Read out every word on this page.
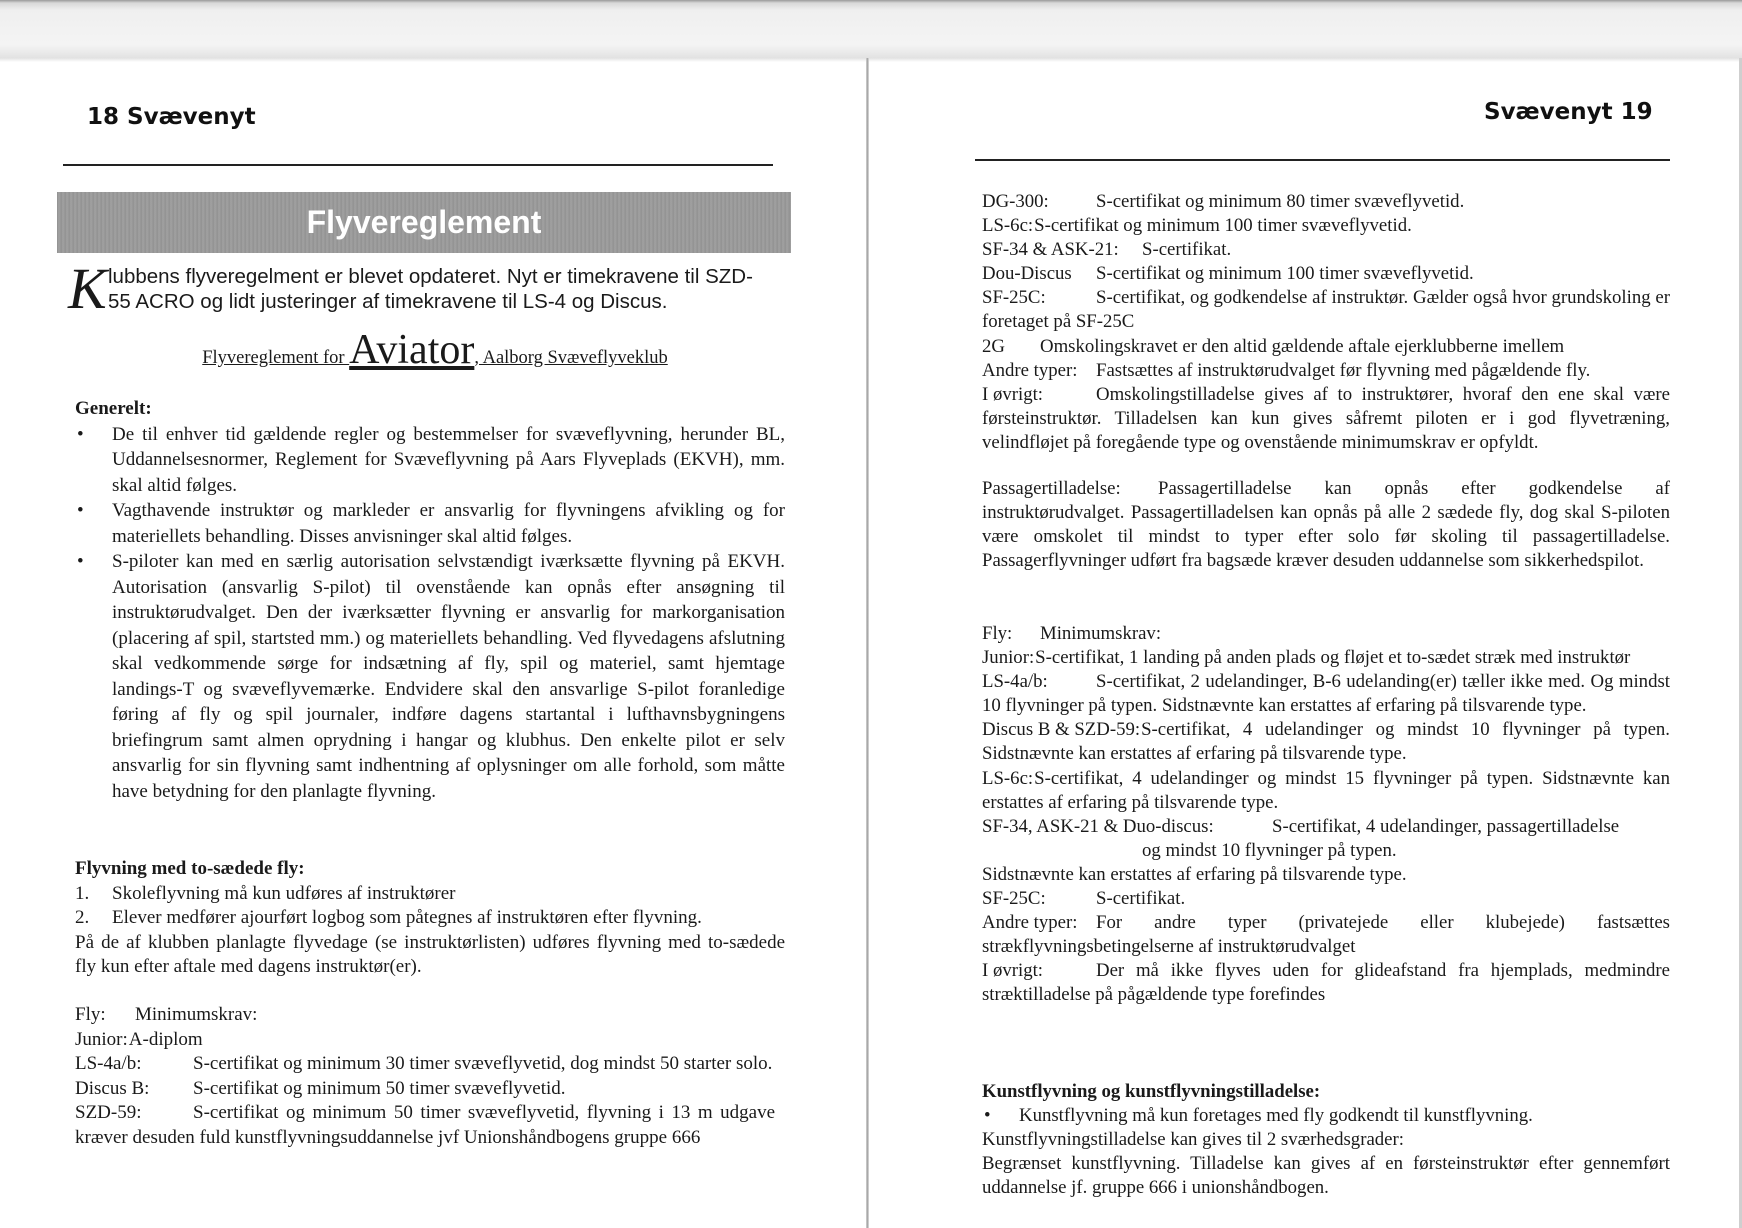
18 Svævenyt
Flyvereglement
K lubbens flyveregelment er blevet opdateret. Nyt er timekravene til SZD-55 ACRO og lidt justeringer af timekravene til LS-4 og Discus.

Flyvereglement for Aviator, Aalborg Svæveflyveklub

Generelt:

• De til enhver tid gældende regler og bestemmelser for svæveflyvning, herunder BL, Uddannelsesnormer, Reglement for Svæveflyvning på Aars Flyveplads (EKVH), mm. skal altid følges.
• Vagthavende instruktør og markleder er ansvarlig for flyvningens afvikling og for materiellets behandling. Disses anvisninger skal altid følges.
• S-piloter kan med en særlig autorisation selvstændigt iværksætte flyvning på EKVH. Autorisation (ansvarlig S-pilot) til ovenstående kan opnås efter ansøgning til instruktørudvalget. Den der iværksætter flyvning er ansvarlig for markorganisation (placering af spil, startsted mm.) og materiellets behandling. Ved flyvedagens afslutning skal vedkommende sørge for indsætning af fly, spil og materiel, samt hjemtage landings-T og svæveflyvemærke. Endvidere skal den ansvarlige S-pilot foranledige føring af fly og spil journaler, indføre dagens startantal i lufthavnsbygningens briefingrum samt almen oprydning i hangar og klubhus. Den enkelte pilot er selv ansvarlig for sin flyvning samt indhentning af oplysninger om alle forhold, som måtte have betydning for den planlagte flyvning.

Flyvning med to-sædede fly:

1. Skoleflyvning må kun udføres af instruktører

2. Elever medfører ajourført logbog som påtegnes af instruktøren efter flyvning.

På de af klubben planlagte flyvedage (se instruktørlisten) udføres flyvning med to-sædede fly kun efter aftale med dagens instruktør(er).

Fly: Minimumskrav:

Junior:A-diplom

LS-4a/b:	S-certifikat og minimum 30 timer svæveflyvetid, dog mindst 50 starter solo.

Discus B: S-certifikat og minimum 50 timer svæveflyvetid.

SZD-59:	S-certifikat og minimum 50 timer svæveflyvetid, flyvning i 13 m udgave kræver desuden fuld kunstflyvningsuddannelse jvf Unionshåndbogens gruppe 666

Svævenyt 19

DG-300:	S-certifikat og minimum 80 timer svæveflyvetid.

LS-6c:S-certifikat og minimum 100 timer svæveflyvetid.

SF-34 & ASK-21: S-certifikat.

Dou-Discus S-certifikat og minimum 100 timer svæveflyvetid.

SF-25C:	S-certifikat, og godkendelse af instruktør. Gælder også hvor grundskoling er foretaget på SF-25C

2G Omskolingskravet er den altid gældende aftale ejerklubberne imellem

Andre typer: Fastsættes af instruktørudvalget før flyvning med pågældende fly.

I øvrigt:	Omskolingstilladelse gives af to instruktører, hvoraf den ene skal være førsteinstruktør. Tilladelsen kan kun gives såfremt piloten er i god flyvetræning, velindfløjet på foregående type og ovenstående minimumskrav er opfyldt.

Passagertilladelse: Passagertilladelse kan opnås efter godkendelse af instruktørudvalget. Passagertilladelsen kan opnås på alle 2 sædede fly, dog skal S-piloten være omskolet til mindst to typer efter solo før skoling til passagertilladelse. Passagerflyvninger udført fra bagsæde kræver desuden uddannelse som sikkerhedspilot.

Fly: Minimumskrav:

Junior:S-certifikat, 1 landing på anden plads og fløjet et to-sædet stræk med instruktør

LS-4a/b:	S-certifikat, 2 udelandinger, B-6 udelanding(er) tæller ikke med. Og mindst 10 flyvninger på typen. Sidstnævnte kan erstattes af erfaring på tilsvarende type.

Discus B & SZD-59:S-certifikat, 4 udelandinger og mindst 10 flyvninger på typen. Sidstnævnte kan erstattes af erfaring på tilsvarende type.

LS-6c:S-certifikat, 4 udelandinger og mindst 15 flyvninger på typen. Sidstnævnte kan erstattes af erfaring på tilsvarende type.

SF-34, ASK-21 & Duo-discus:	S-certifikat, 4 udelandinger, passagertilladelse

og mindst 10 flyvninger på typen.

Sidstnævnte kan erstattes af erfaring på tilsvarende type.

SF-25C:	S-certifikat.

Andre typer: For andre typer (privatejede eller klubejede) fastsættes strækflyvningsbetingelserne af instruktørudvalget

I øvrigt:	Der må ikke flyves uden for glideafstand fra hjemplads, medmindre stræktilladelse på pågældende type forefindes

Kunstflyvning og kunstflyvningstilladelse:

• Kunstflyvning må kun foretages med fly godkendt til kunstflyvning.

Kunstflyvningstilladelse kan gives til 2 sværhedsgrader:

Begrænset kunstflyvning. Tilladelse kan gives af en førsteinstruktør efter gennemført uddannelse jf. gruppe 666 i unionshåndbogen.
